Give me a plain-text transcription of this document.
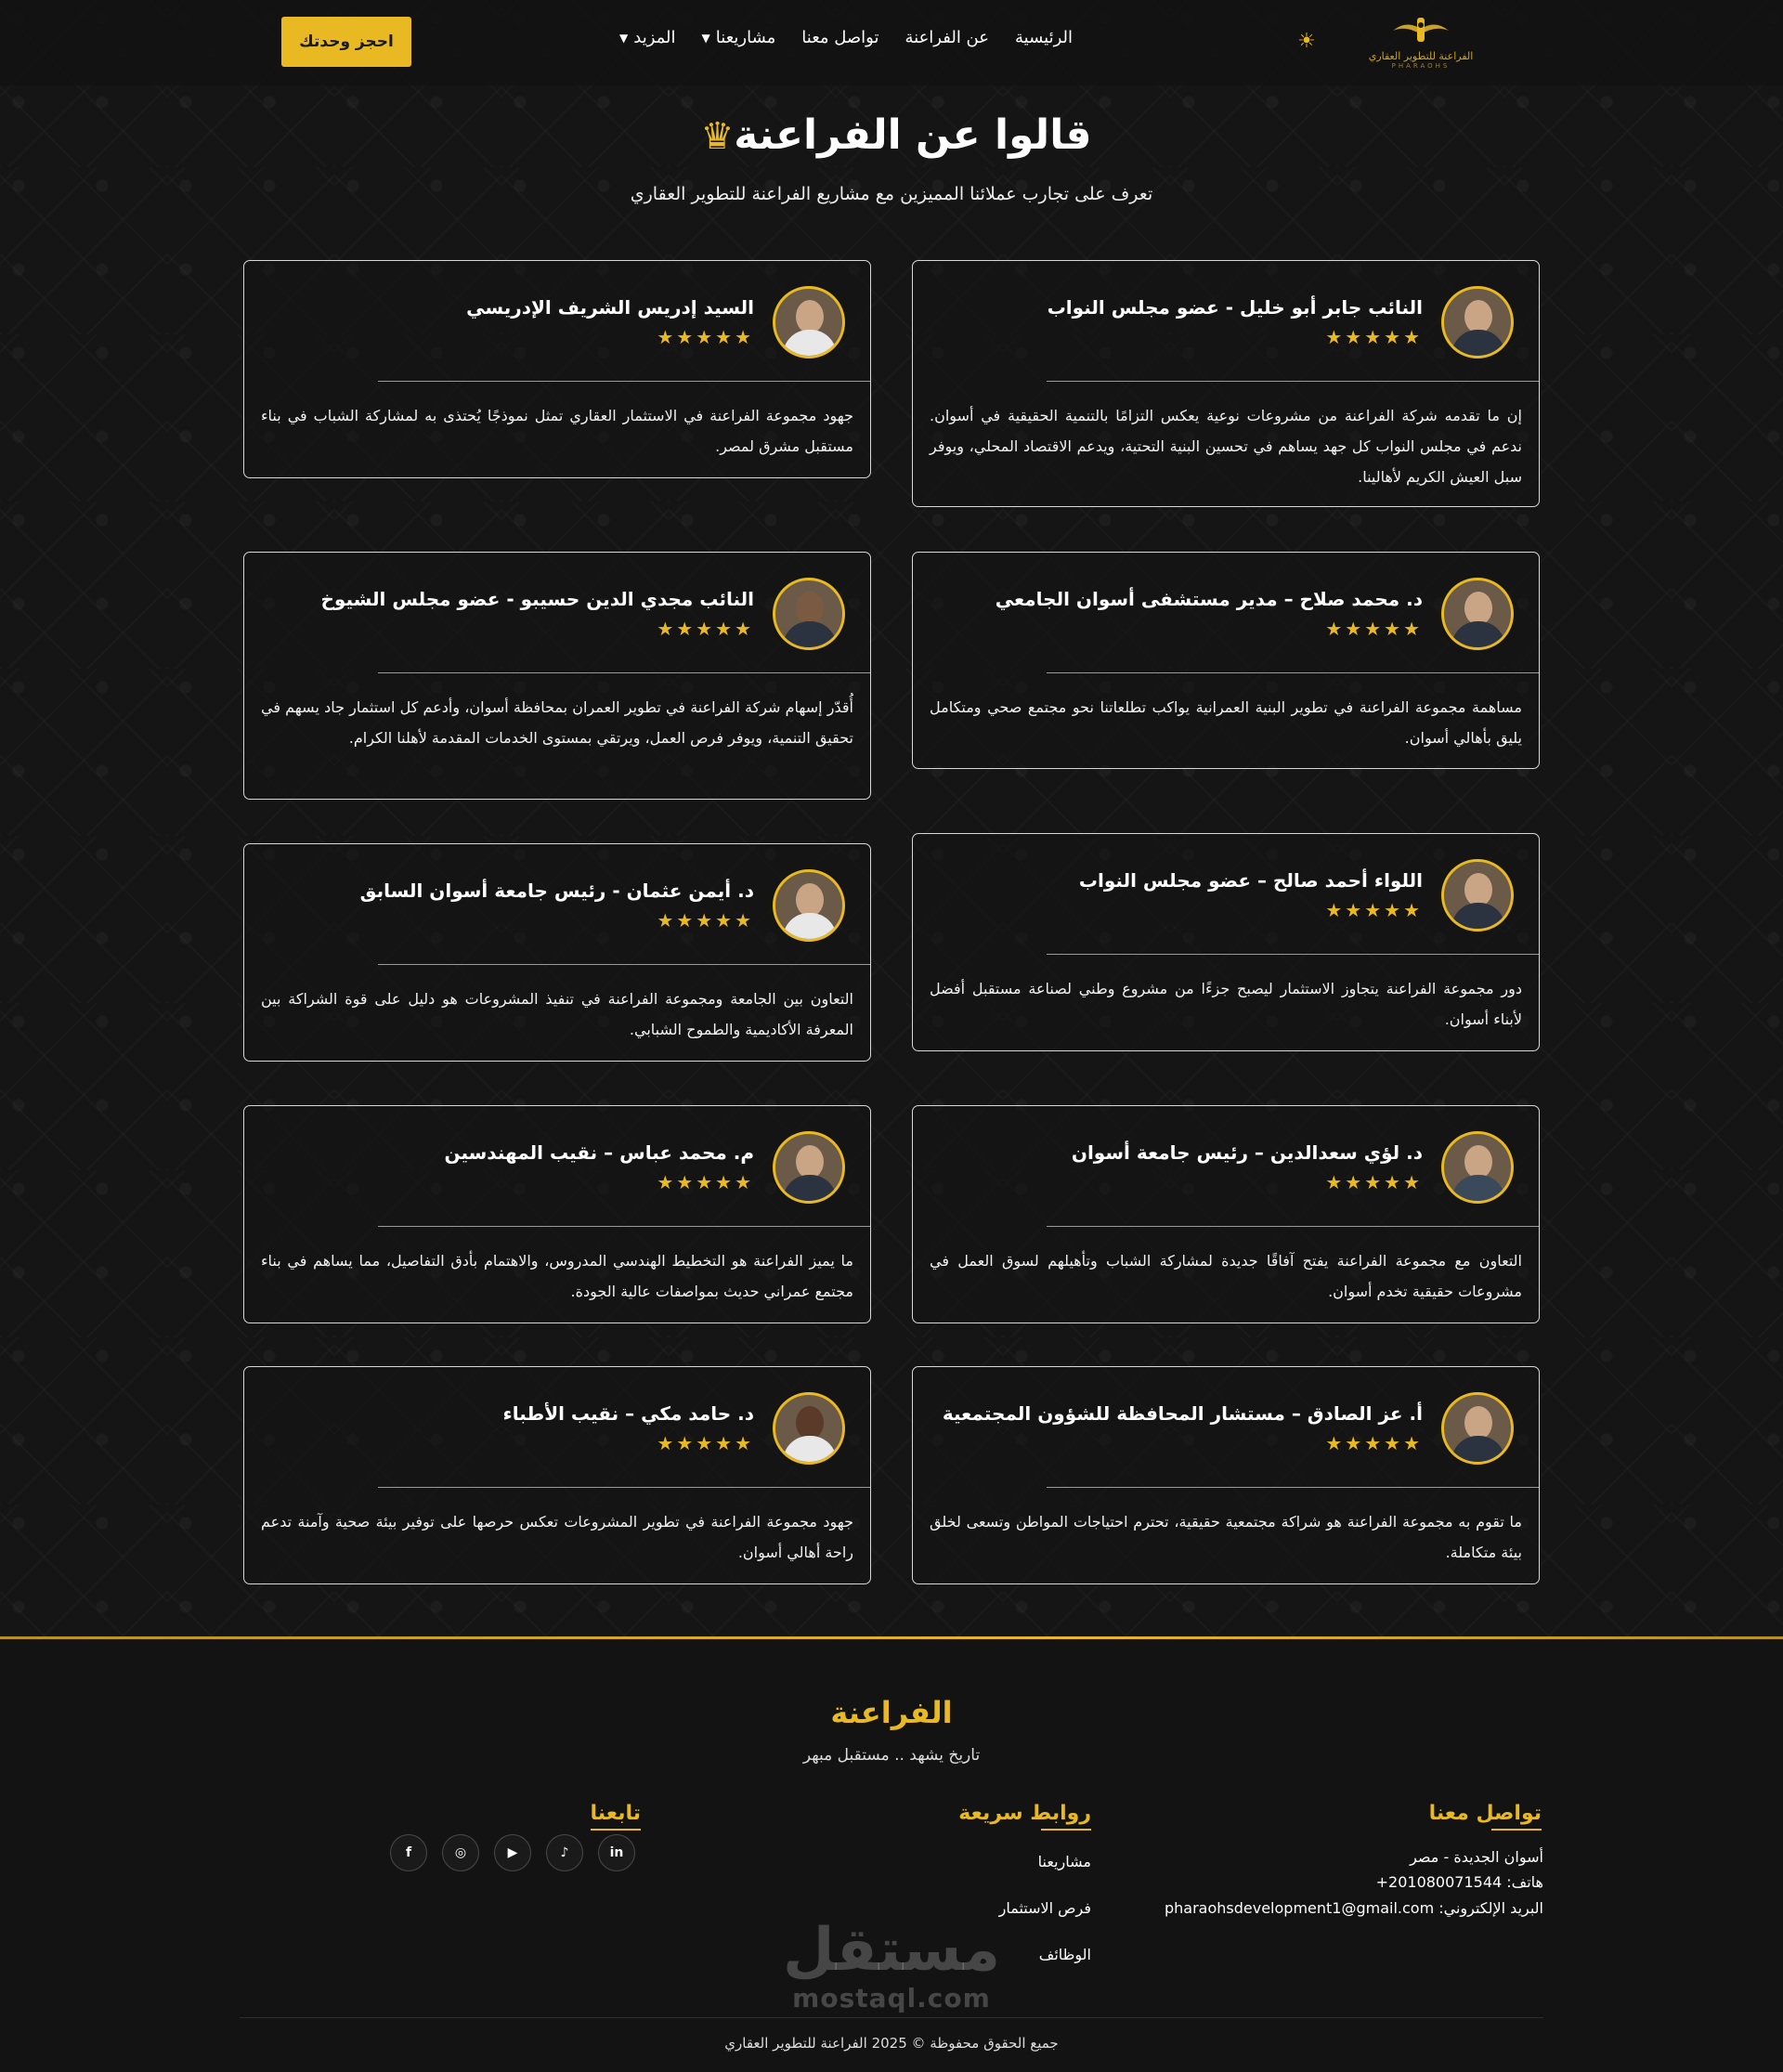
الفراعنة للتطوير العقاري
PHARAOHS
☀
الرئيسية
عن الفراعنة
تواصل معنا
مشاريعنا
▼
المزيد
▼
احجز وحدتك
قالوا عن الفراعنة♛
تعرف على تجارب عملائنا المميزين مع مشاريع الفراعنة للتطوير العقاري
النائب جابر أبو خليل - عضو مجلس النواب
★★★★★
إن ما تقدمه شركة الفراعنة من مشروعات نوعية يعكس التزامًا بالتنمية الحقيقية في أسوان. ندعم في مجلس النواب كل جهد يساهم في تحسين البنية التحتية، ويدعم الاقتصاد المحلي، ويوفر سبل العيش الكريم لأهالينا.
السيد إدريس الشريف الإدريسي
★★★★★
جهود مجموعة الفراعنة في الاستثمار العقاري تمثل نموذجًا يُحتذى به لمشاركة الشباب في بناء مستقبل مشرق لمصر.
د. محمد صلاح – مدير مستشفى أسوان الجامعي
★★★★★
مساهمة مجموعة الفراعنة في تطوير البنية العمرانية يواكب تطلعاتنا نحو مجتمع صحي ومتكامل يليق بأهالي أسوان.
النائب مجدي الدين حسيبو - عضو مجلس الشيوخ
★★★★★
أُقدّر إسهام شركة الفراعنة في تطوير العمران بمحافظة أسوان، وأدعم كل استثمار جاد يسهم في تحقيق التنمية، ويوفر فرص العمل، ويرتقي بمستوى الخدمات المقدمة لأهلنا الكرام.
اللواء أحمد صالح – عضو مجلس النواب
★★★★★
دور مجموعة الفراعنة يتجاوز الاستثمار ليصبح جزءًا من مشروع وطني لصناعة مستقبل أفضل لأبناء أسوان.
د. أيمن عثمان - رئيس جامعة أسوان السابق
★★★★★
التعاون بين الجامعة ومجموعة الفراعنة في تنفيذ المشروعات هو دليل على قوة الشراكة بين المعرفة الأكاديمية والطموح الشبابي.
د. لؤي سعدالدين – رئيس جامعة أسوان
★★★★★
التعاون مع مجموعة الفراعنة يفتح آفاقًا جديدة لمشاركة الشباب وتأهيلهم لسوق العمل في مشروعات حقيقية تخدم أسوان.
م. محمد عباس – نقيب المهندسين
★★★★★
ما يميز الفراعنة هو التخطيط الهندسي المدروس، والاهتمام بأدق التفاصيل، مما يساهم في بناء مجتمع عمراني حديث بمواصفات عالية الجودة.
أ. عز الصادق – مستشار المحافظة للشؤون المجتمعية
★★★★★
ما تقوم به مجموعة الفراعنة هو شراكة مجتمعية حقيقية، تحترم احتياجات المواطن وتسعى لخلق بيئة متكاملة.
د. حامد مكي – نقيب الأطباء
★★★★★
جهود مجموعة الفراعنة في تطوير المشروعات تعكس حرصها على توفير بيئة صحية وآمنة تدعم راحة أهالي أسوان.
الفراعنة
تاريخ يشهد .. مستقبل مبهر
تواصل معنا
أسوان الجديدة - مصر
هاتف: 201080071544+
البريد الإلكتروني: pharaohsdevelopment1@gmail.com
روابط سريعة
مشاريعنا
فرص الاستثمار
الوظائف
تابعنا
f	◎	▶	♪	in
مستقل
mostaql.com
جميع الحقوق محفوظة © 2025 الفراعنة للتطوير العقاري
